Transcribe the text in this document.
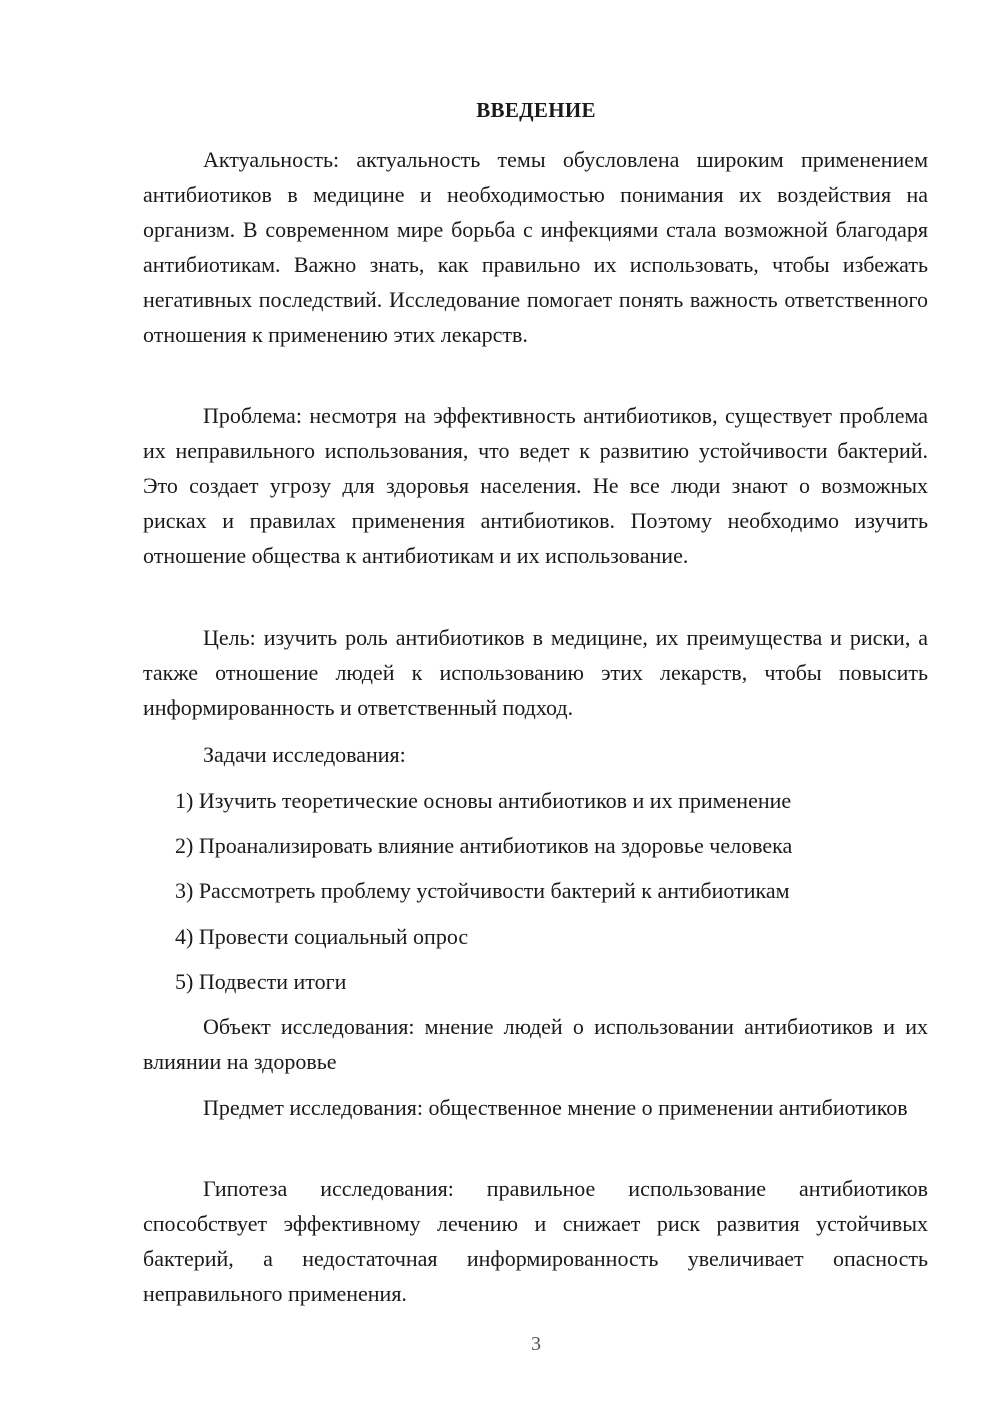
ВВЕДЕНИЕ

Актуальность: актуальность темы обусловлена широким применением антибиотиков в медицине и необходимостью понимания их воздействия на организм. В современном мире борьба с инфекциями стала возможной благодаря антибиотикам. Важно знать, как правильно их использовать, чтобы избежать негативных последствий. Исследование помогает понять важность ответственного отношения к применению этих лекарств.

Проблема: несмотря на эффективность антибиотиков, существует проблема их неправильного использования, что ведет к развитию устойчивости бактерий. Это создает угрозу для здоровья населения. Не все люди знают о возможных рисках и правилах применения антибиотиков. Поэтому необходимо изучить отношение общества к антибиотикам и их использование.

Цель: изучить роль антибиотиков в медицине, их преимущества и риски, а также отношение людей к использованию этих лекарств, чтобы повысить информированность и ответственный подход.

Задачи исследования:
1) Изучить теоретические основы антибиотиков и их применение
2) Проанализировать влияние антибиотиков на здоровье человека
3) Рассмотреть проблему устойчивости бактерий к антибиотикам
4) Провести социальный опрос
5) Подвести итоги

Объект исследования: мнение людей о использовании антибиотиков и их влиянии на здоровье

Предмет исследования: общественное мнение о применении антибиотиков

Гипотеза исследования: правильное использование антибиотиков способствует эффективному лечению и снижает риск развития устойчивых бактерий, а недостаточная информированность увеличивает опасность неправильного применения.

3
